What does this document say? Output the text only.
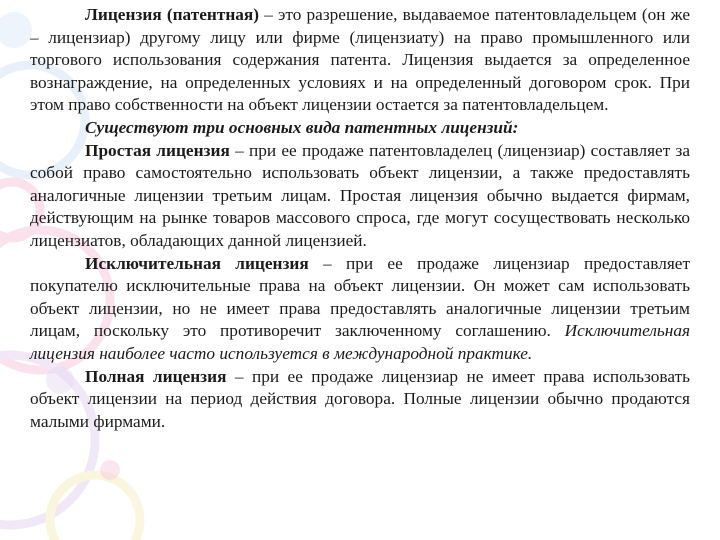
Лицензия (патентная) – это разрешение, выдаваемое патентовладельцем (он же – лицензиар) другому лицу или фирме (лицензиату) на право промышленного или торгового использования содержания патента. Лицензия выдается за определенное вознаграждение, на определенных условиях и на определенный договором срок. При этом право собственности на объект лицензии остается за патентовладельцем.

Существуют три основных вида патентных лицензий:

Простая лицензия – при ее продаже патентовладелец (лицензиар) составляет за собой право самостоятельно использовать объект лицензии, а также предоставлять аналогичные лицензии третьим лицам. Простая лицензия обычно выдается фирмам, действующим на рынке товаров массового спроса, где могут сосуществовать несколько лицензиатов, обладающих данной лицензией.

Исключительная лицензия – при ее продаже лицензиар предоставляет покупателю исключительные права на объект лицензии. Он может сам использовать объект лицензии, но не имеет права предоставлять аналогичные лицензии третьим лицам, поскольку это противоречит заключенному соглашению. Исключительная лицензия наиболее часто используется в международной практике.

Полная лицензия – при ее продаже лицензиар не имеет права использовать объект лицензии на период действия договора. Полные лицензии обычно продаются малыми фирмами.
